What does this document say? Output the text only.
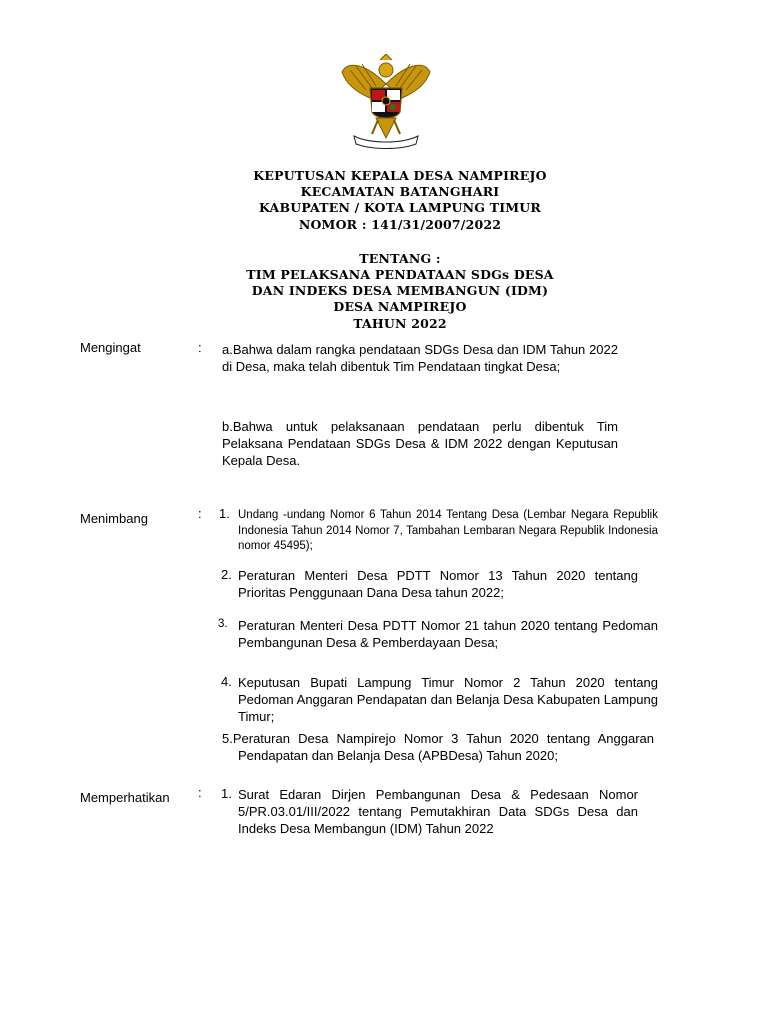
KEPUTUSAN KEPALA DESA NAMPIREJO
KECAMATAN BATANGHARI
KABUPATEN / KOTA LAMPUNG TIMUR
NOMOR : 141/31/2007/2022
TENTANG :
TIM PELAKSANA PENDATAAN SDGs DESA
DAN INDEKS DESA MEMBANGUN (IDM)
DESA NAMPIREJO
TAHUN 2022
Mengingat	: a.Bahwa dalam rangka pendataan SDGs Desa dan IDM Tahun 2022 di Desa, maka telah dibentuk Tim Pendataan tingkat Desa;
b.Bahwa untuk pelaksanaan pendataan perlu dibentuk Tim Pelaksana Pendataan SDGs Desa & IDM 2022 dengan Keputusan Kepala Desa.
Menimbang	: 1. Undang -undang Nomor 6 Tahun 2014 Tentang Desa (Lembar Negara Republik Indonesia Tahun 2014 Nomor 7, Tambahan Lembaran Negara Republik Indonesia nomor 45495);
2. Peraturan Menteri Desa PDTT Nomor 13 Tahun 2020 tentang Prioritas Penggunaan Dana Desa tahun 2022;
3. Peraturan Menteri Desa PDTT Nomor 21 tahun 2020 tentang Pedoman Pembangunan Desa & Pemberdayaan Desa;
4. Keputusan Bupati Lampung Timur Nomor 2 Tahun 2020 tentang Pedoman Anggaran Pendapatan dan Belanja Desa Kabupaten Lampung Timur;
5.Peraturan Desa Nampirejo Nomor 3 Tahun 2020 tentang Anggaran Pendapatan dan Belanja Desa (APBDesa) Tahun 2020;
Memperhatikan : 1. Surat Edaran Dirjen Pembangunan Desa & Pedesaan Nomor 5/PR.03.01/III/2022 tentang Pemutakhiran Data SDGs Desa dan Indeks Desa Membangun (IDM) Tahun 2022
